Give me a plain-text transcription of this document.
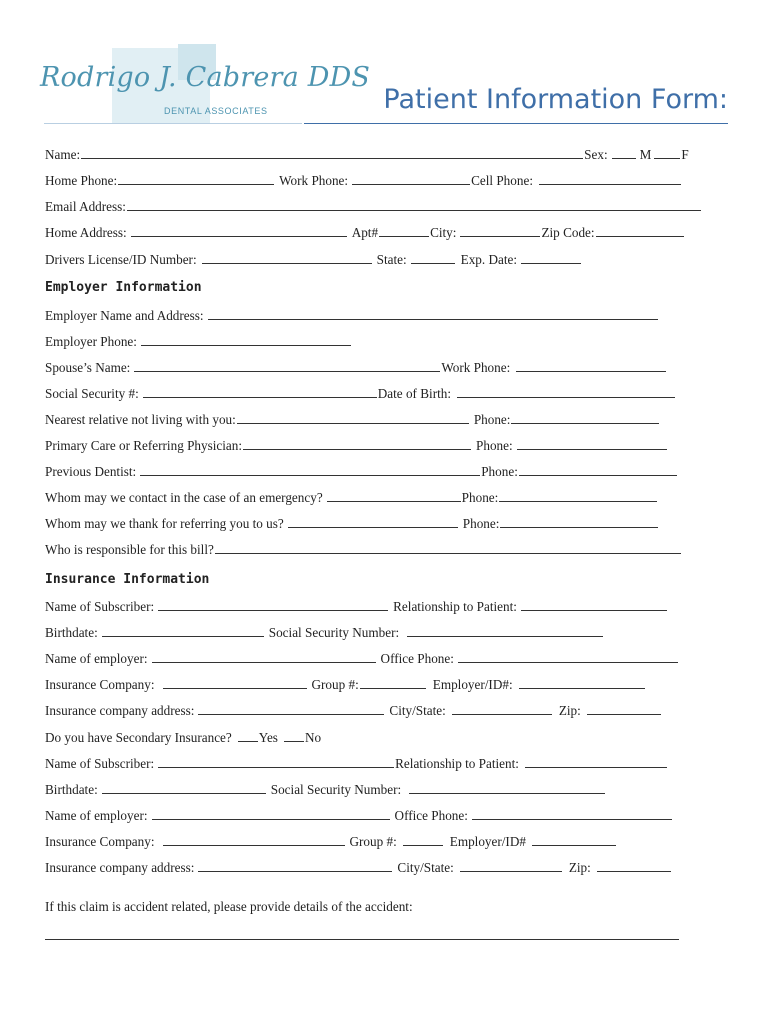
Rodrigo J. Cabrera DDS
DENTAL ASSOCIATES	Patient Information Form:
Name:	Sex: M F
Home Phone:	Work Phone:	Cell Phone:
Email Address:
Home Address:	Apt#	City:	Zip Code:
Drivers License/ID Number:	State:	Exp. Date:
Employer Information
Employer Name and Address:
Employer Phone:
Spouse’s Name:	Work Phone:
Social Security #:	Date of Birth:
Nearest relative not living with you:	Phone:
Primary Care or Referring Physician:	Phone:
Previous Dentist:	Phone:
Whom may we contact in the case of an emergency?	Phone:
Whom may we thank for referring you to us?	Phone:
Who is responsible for this bill?
Insurance Information
Name of Subscriber:	Relationship to Patient:
Birthdate:	Social Security Number:
Name of employer:	Office Phone:
Insurance Company:	Group #:	Employer/ID#:
Insurance company address:	City/State:	Zip:
Do you have Secondary Insurance? Yes No
Name of Subscriber:	Relationship to Patient:
Birthdate:	Social Security Number:
Name of employer:	Office Phone:
Insurance Company:	Group #:	Employer/ID#
Insurance company address:	City/State:	Zip:
If this claim is accident related, please provide details of the accident:
